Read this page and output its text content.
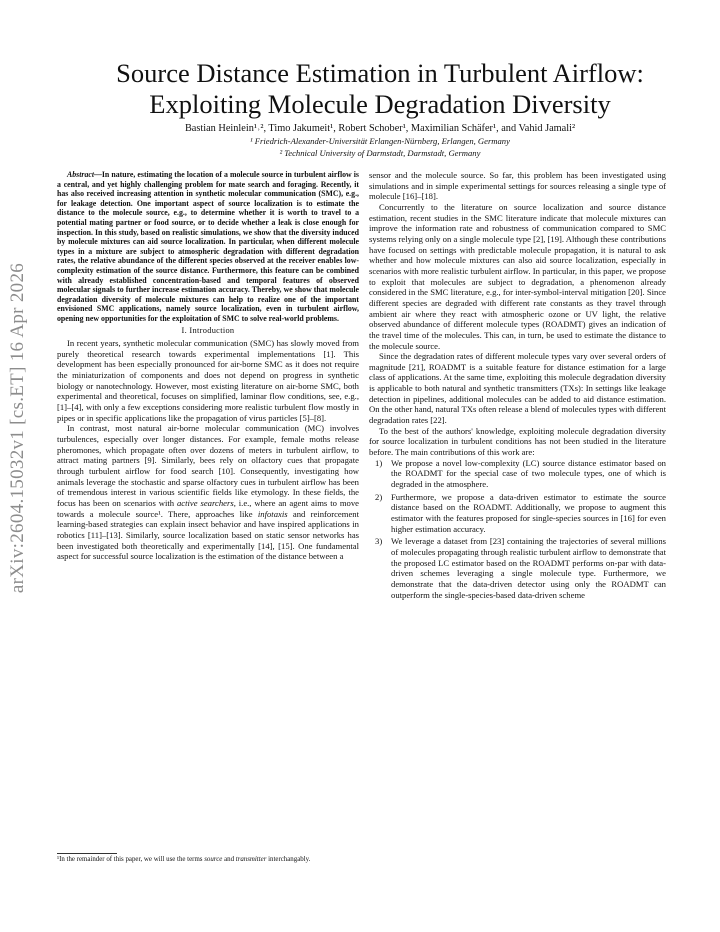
arXiv:2604.15032v1 [cs.ET] 16 Apr 2026
Source Distance Estimation in Turbulent Airflow:
Exploiting Molecule Degradation Diversity
Bastian Heinlein¹˒², Timo Jakumeit¹, Robert Schober¹, Maximilian Schäfer¹, and Vahid Jamali²
¹ Friedrich-Alexander-Universität Erlangen-Nürnberg, Erlangen, Germany
² Technical University of Darmstadt, Darmstadt, Germany

Abstract—In nature, estimating the location of a molecule source in turbulent airflow is a central, and yet highly challenging problem for mate search and foraging. Recently, it has also received increasing attention in synthetic molecular communication (SMC), e.g., for leakage detection. One important aspect of source localization is to estimate the distance to the molecule source, e.g., to determine whether it is worth to travel to a potential mating partner or food source, or to decide whether a leak is close enough for inspection. In this study, based on realistic simulations, we show that the diversity induced by molecule mixtures can aid source localization. In particular, when different molecule types in a mixture are subject to atmospheric degradation with different degradation rates, the relative abundance of the different species observed at the receiver enables low-complexity estimation of the source distance. Furthermore, this feature can be combined with already established concentration-based and temporal features of observed molecular signals to further increase estimation accuracy. Thereby, we show that molecule degradation diversity of molecule mixtures can help to realize one of the important envisioned SMC applications, namely source localization, even in turbulent airflow, opening new opportunities for the exploitation of SMC to solve real-world problems.

I. Introduction

In recent years, synthetic molecular communication (SMC) has slowly moved from purely theoretical research towards experimental implementations [1]. This development has been especially pronounced for air-borne SMC as it does not require the miniaturization of components and does not depend on progress in synthetic biology or nanotechnology. However, most existing literature on air-borne SMC, both experimental and theoretical, focuses on simplified, laminar flow conditions, see, e.g., [1]–[4], with only a few exceptions considering more realistic turbulent flow mostly in pipes or in specific applications like the propagation of virus particles [5]–[8].

In contrast, most natural air-borne molecular communication (MC) involves turbulences, especially over longer distances. For example, female moths release pheromones, which propagate often over dozens of meters in turbulent airflow, to attract mating partners [9]. Similarly, bees rely on olfactory cues that propagate through turbulent airflow for food search [10]. Consequently, investigating how animals leverage the stochastic and sparse olfactory cues in turbulent airflow has been of tremendous interest in various scientific fields like etymology. In these fields, the focus has been on scenarios with active searchers, i.e., where an agent aims to move towards a molecule source¹. There, approaches like infotaxis and reinforcement learning-based strategies can explain insect behavior and have inspired applications in robotics [11]–[13]. Similarly, source localization based on static sensor networks has been investigated both theoretically and experimentally [14], [15]. One fundamental aspect for successful source localization is the estimation of the distance between a

¹In the remainder of this paper, we will use the terms source and transmitter interchangably.

sensor and the molecule source. So far, this problem has been investigated using simulations and in simple experimental settings for sources releasing a single type of molecule [16]–[18].

Concurrently to the literature on source localization and source distance estimation, recent studies in the SMC literature indicate that molecule mixtures can improve the information rate and robustness of communication compared to SMC systems relying only on a single molecule type [2], [19]. Although these contributions have focused on settings with predictable molecule propagation, it is natural to ask whether and how molecule mixtures can also aid source localization, especially in scenarios with more realistic turbulent airflow. In particular, in this paper, we propose to exploit that molecules are subject to degradation, a phenomenon already considered in the SMC literature, e.g., for inter-symbol-interval mitigation [20]. Since different species are degraded with different rate constants as they travel through ambient air where they react with atmospheric ozone or UV light, the relative observed abundance of different molecule types (ROADMT) gives an indication of the travel time of the molecules. This can, in turn, be used to estimate the distance to the molecule source.

Since the degradation rates of different molecule types vary over several orders of magnitude [21], ROADMT is a suitable feature for distance estimation for a large class of applications. At the same time, exploiting this molecule degradation diversity is applicable to both natural and synthetic transmitters (TXs): In settings like leakage detection in pipelines, additional molecules can be added to aid distance estimation. On the other hand, natural TXs often release a blend of molecules types with different degradation rates [22].

To the best of the authors' knowledge, exploiting molecule degradation diversity for source localization in turbulent conditions has not been studied in the literature before. The main contributions of this work are:

1) We propose a novel low-complexity (LC) source distance estimator based on the ROADMT for the special case of two molecule types, one of which is degraded in the atmosphere.
2) Furthermore, we propose a data-driven estimator to estimate the source distance based on the ROADMT. Additionally, we propose to augment this estimator with the features proposed for single-species sources in [16] for even higher estimation accuracy.
3) We leverage a dataset from [23] containing the trajectories of several millions of molecules propagating through realistic turbulent airflow to demonstrate that the proposed LC estimator based on the ROADMT performs on-par with data-driven schemes leveraging a single molecule type. Furthermore, we demonstrate that the data-driven detector using only the ROADMT can outperform the single-species-based data-driven scheme
